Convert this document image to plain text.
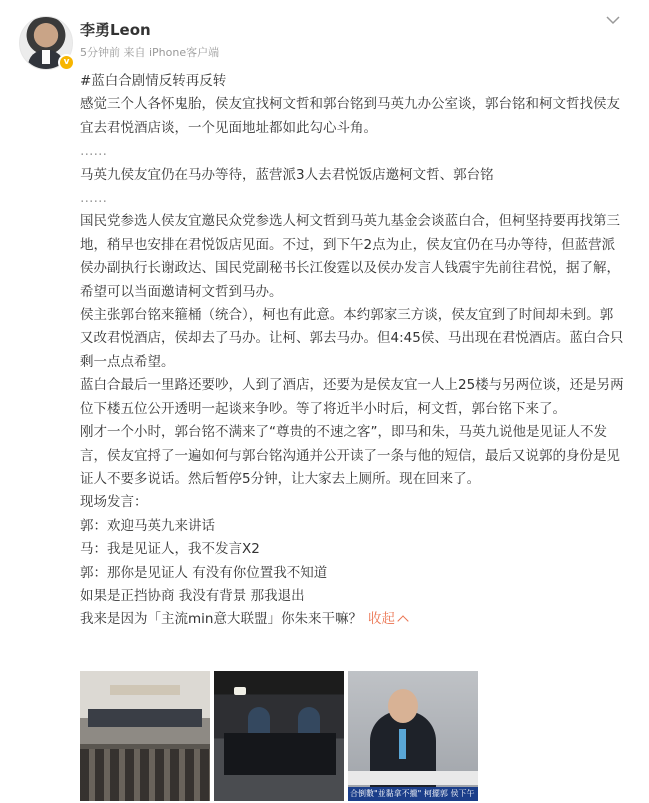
v
李勇Leon
5分钟前 来自 iPhone客户端

#蓝白合剧情反转再反转

感觉三个人各怀鬼胎，侯友宜找柯文哲和郭台铭到马英九办公室谈，郭台铭和柯文哲找侯友宜去君悦酒店谈，一个见面地址都如此勾心斗角。

……

马英九侯友宜仍在马办等待，蓝营派3人去君悦饭店邀柯文哲、郭台铭

……

国民党参选人侯友宜邀民众党参选人柯文哲到马英九基金会谈蓝白合，但柯坚持要再找第三地，稍早也安排在君悦饭店见面。不过，到下午2点为止，侯友宜仍在马办等待，但蓝营派侯办副执行长谢政达、国民党副秘书长江俊霆以及侯办发言人钱震宇先前往君悦，据了解，希望可以当面邀请柯文哲到马办。

侯主张郭台铭来箍桶（统合），柯也有此意。本约郭家三方谈，侯友宜到了时间却未到。郭又改君悦酒店，侯却去了马办。让柯、郭去马办。但4:45侯、马出现在君悦酒店。蓝白合只剩一点点希望。

蓝白合最后一里路还要吵，人到了酒店，还要为是侯友宜一人上25楼与另两位谈，还是另两位下楼五位公开透明一起谈来争吵。等了将近半小时后，柯文哲，郭台铭下来了。

刚才一个小时，郭台铭不满来了“尊贵的不速之客”，即马和朱，马英九说他是见证人不发言，侯友宜捋了一遍如何与郭台铭沟通并公开读了一条与他的短信，最后又说郭的身份是见证人不要多说话。然后暂停5分钟，让大家去上厕所。现在回来了。

现场发言：

郭：欢迎马英九来讲话

马：我是见证人，我不发言X2

郭：那你是见证人 有没有你位置我不知道

如果是正挡协商 我没有背景 那我退出

我来是因为「主流min意大联盟」你朱来干嘛？ 收起

合倒數"並黏拿不攏" 柯擺郭 侯下午
